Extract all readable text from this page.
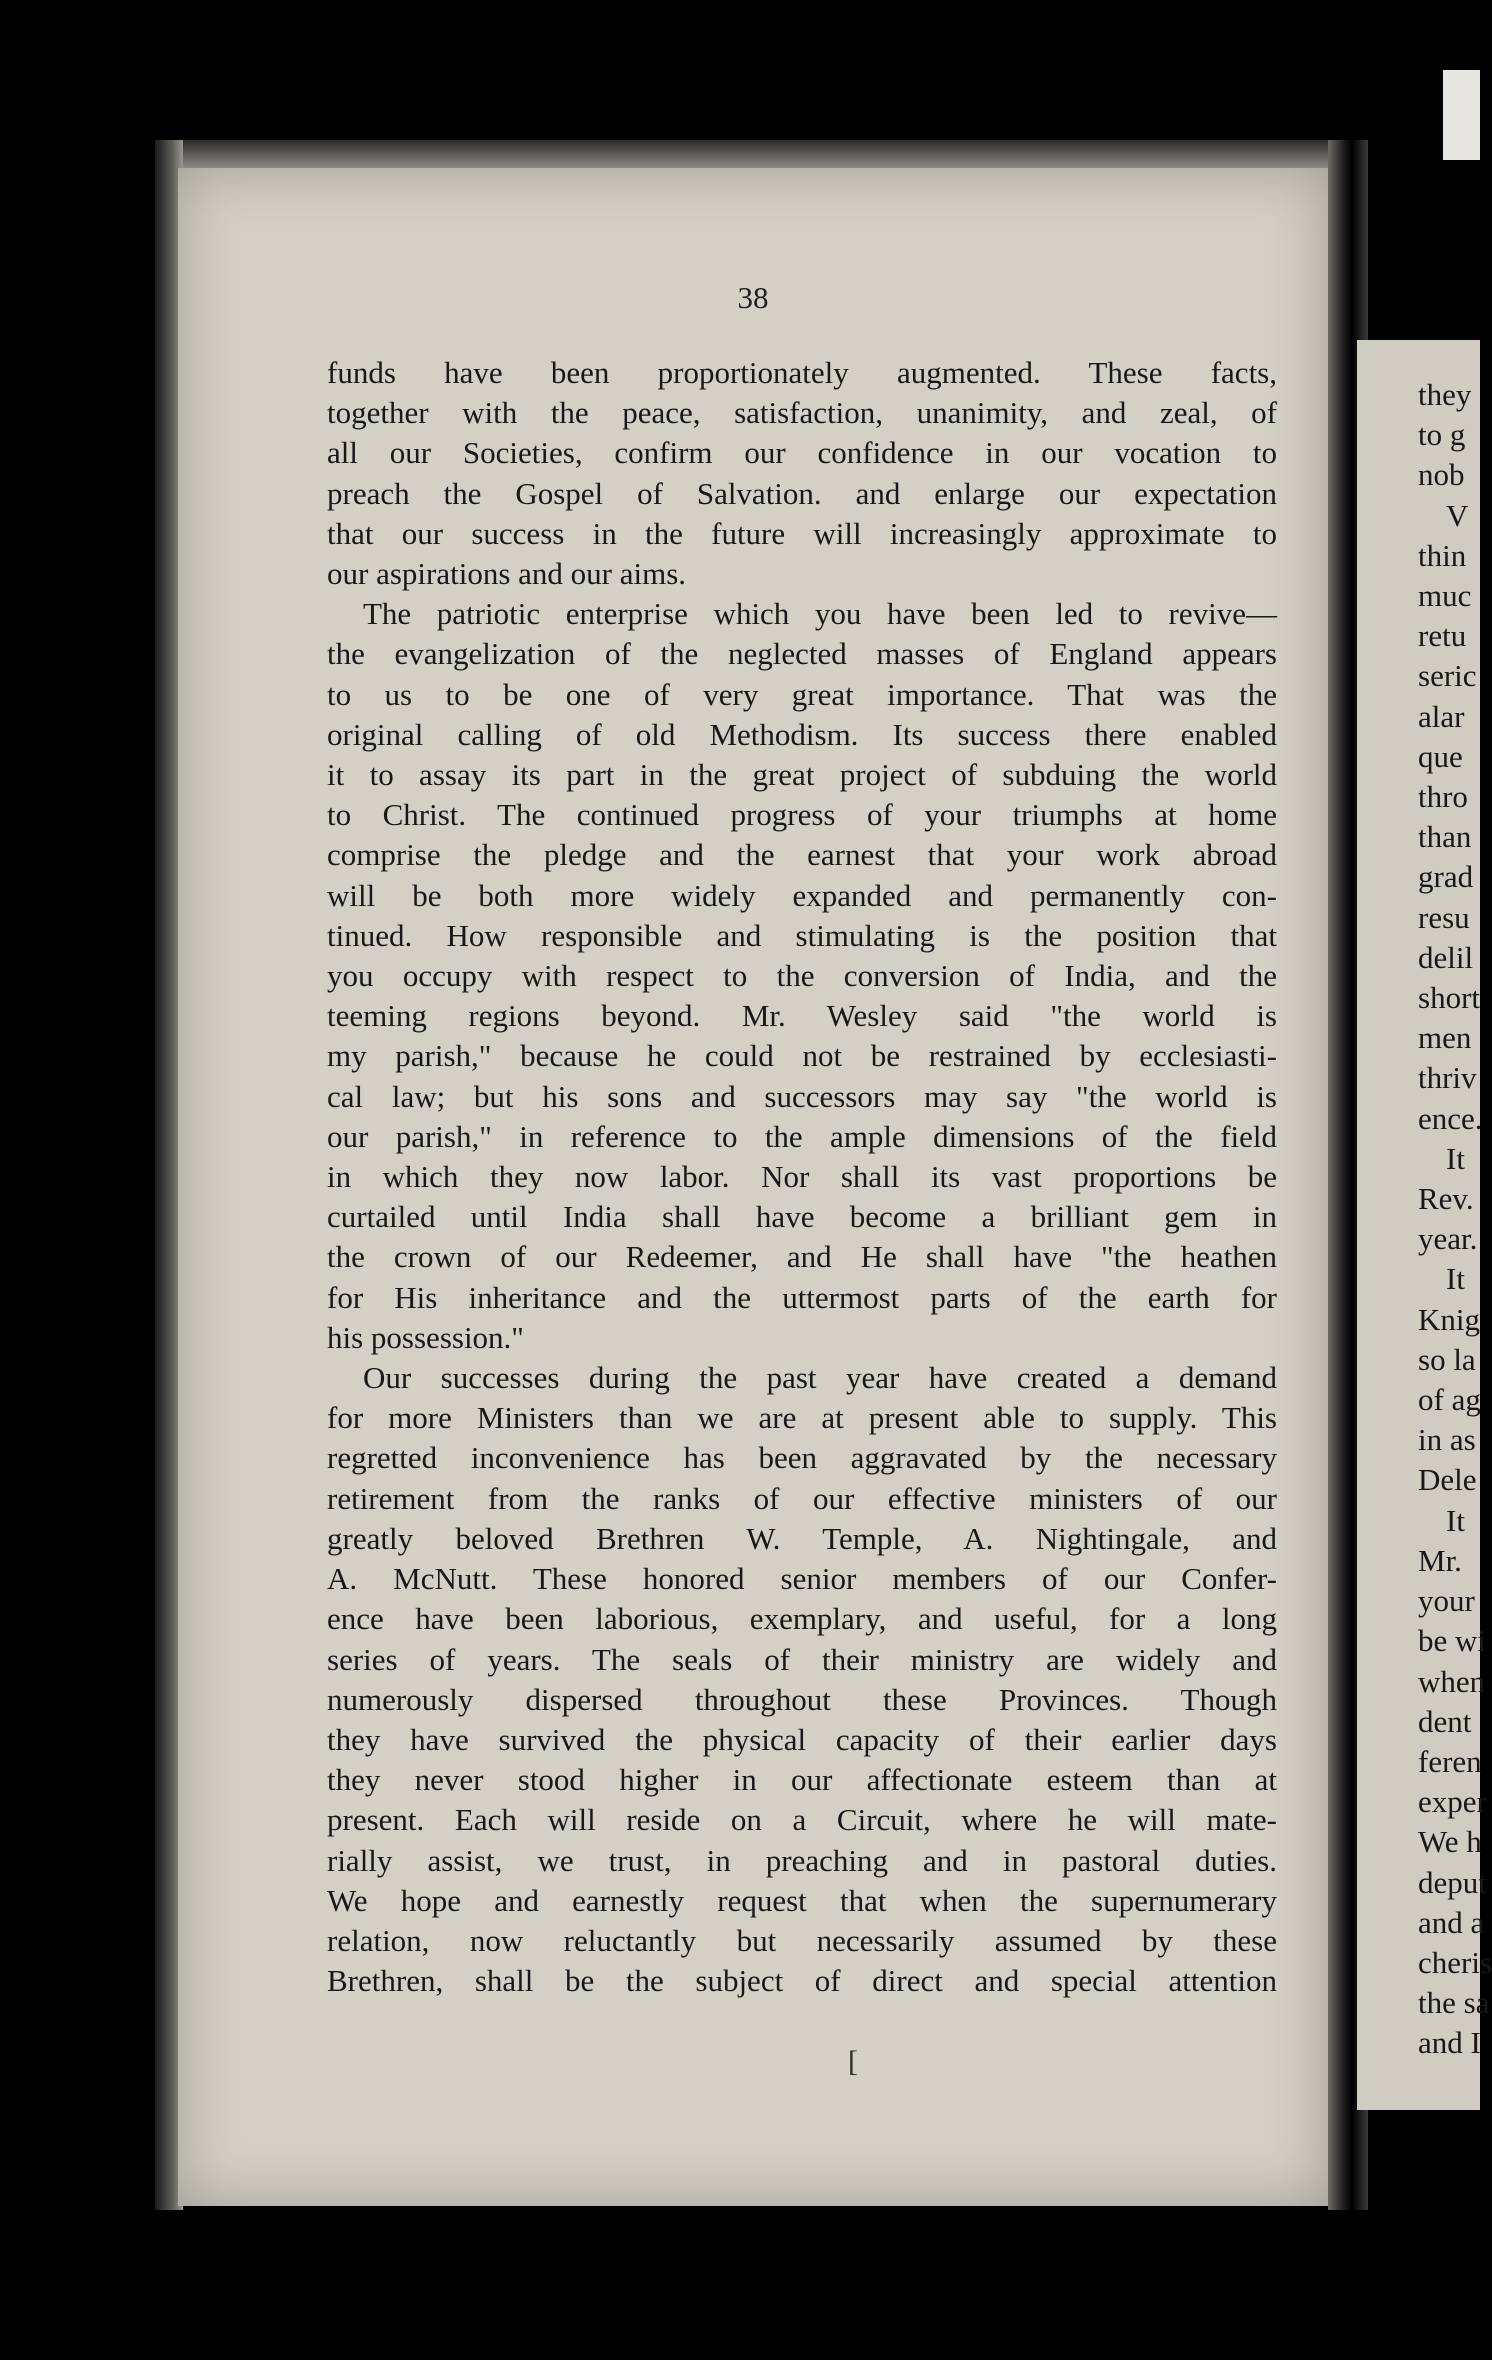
38
funds have been proportionately augmented. These facts,
together with the peace, satisfaction, unanimity, and zeal, of
all our Societies, confirm our confidence in our vocation to
preach the Gospel of Salvation. and enlarge our expectation
that our success in the future will increasingly approximate to
our aspirations and our aims.
The patriotic enterprise which you have been led to revive—
the evangelization of the neglected masses of England appears
to us to be one of very great importance. That was the
original calling of old Methodism. Its success there enabled
it to assay its part in the great project of subduing the world
to Christ. The continued progress of your triumphs at home
comprise the pledge and the earnest that your work abroad
will be both more widely expanded and permanently con-
tinued. How responsible and stimulating is the position that
you occupy with respect to the conversion of India, and the
teeming regions beyond. Mr. Wesley said "the world is
my parish," because he could not be restrained by ecclesiasti-
cal law; but his sons and successors may say "the world is
our parish," in reference to the ample dimensions of the field
in which they now labor. Nor shall its vast proportions be
curtailed until India shall have become a brilliant gem in
the crown of our Redeemer, and He shall have "the heathen
for His inheritance and the uttermost parts of the earth for
his possession."
Our successes during the past year have created a demand
for more Ministers than we are at present able to supply. This
regretted inconvenience has been aggravated by the necessary
retirement from the ranks of our effective ministers of our
greatly beloved Brethren W. Temple, A. Nightingale, and
A. McNutt. These honored senior members of our Confer-
ence have been laborious, exemplary, and useful, for a long
series of years. The seals of their ministry are widely and
numerously dispersed throughout these Provinces. Though
they have survived the physical capacity of their earlier days
they never stood higher in our affectionate esteem than at
present. Each will reside on a Circuit, where he will mate-
rially assist, we trust, in preaching and in pastoral duties.
We hope and earnestly request that when the supernumerary
relation, now reluctantly but necessarily assumed by these
Brethren, shall be the subject of direct and special attention
[
they
to g
nob
V
thin
muc
retu
seric
alar
que
thro
than
grad
resu
delil
short
men
thriv
ence.
It
Rev.
year.
It
Knig
so la
of ag
in as
Dele
It
Mr.
your
be wi
when
dent
feren
exper
We h
deput
and a
cheris
the sa
and I
